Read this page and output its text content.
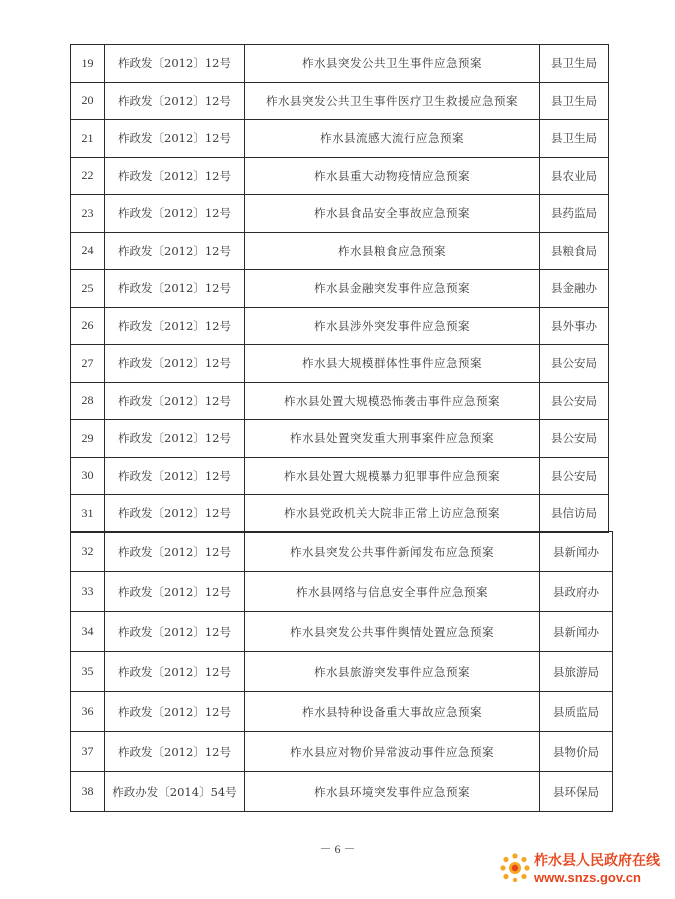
19	柞政发〔2012〕12号	柞水县突发公共卫生事件应急预案	县卫生局
20	柞政发〔2012〕12号	柞水县突发公共卫生事件医疗卫生救援应急预案	县卫生局
21	柞政发〔2012〕12号	柞水县流感大流行应急预案	县卫生局
22	柞政发〔2012〕12号	柞水县重大动物疫情应急预案	县农业局
23	柞政发〔2012〕12号	柞水县食品安全事故应急预案	县药监局
24	柞政发〔2012〕12号	柞水县粮食应急预案	县粮食局
25	柞政发〔2012〕12号	柞水县金融突发事件应急预案	县金融办
26	柞政发〔2012〕12号	柞水县涉外突发事件应急预案	县外事办
27	柞政发〔2012〕12号	柞水县大规模群体性事件应急预案	县公安局
28	柞政发〔2012〕12号	柞水县处置大规模恐怖袭击事件应急预案	县公安局
29	柞政发〔2012〕12号	柞水县处置突发重大刑事案件应急预案	县公安局
30	柞政发〔2012〕12号	柞水县处置大规模暴力犯罪事件应急预案	县公安局
31	柞政发〔2012〕12号	柞水县党政机关大院非正常上访应急预案	县信访局
32	柞政发〔2012〕12号	柞水县突发公共事件新闻发布应急预案	县新闻办
33	柞政发〔2012〕12号	柞水县网络与信息安全事件应急预案	县政府办
34	柞政发〔2012〕12号	柞水县突发公共事件舆情处置应急预案	县新闻办
35	柞政发〔2012〕12号	柞水县旅游突发事件应急预案	县旅游局
36	柞政发〔2012〕12号	柞水县特种设备重大事故应急预案	县质监局
37	柞政发〔2012〕12号	柞水县应对物价异常波动事件应急预案	县物价局
38	柞政办发〔2014〕54号	柞水县环境突发事件应急预案	县环保局
－ 6 －
柞水县人民政府在线
www.snzs.gov.cn
